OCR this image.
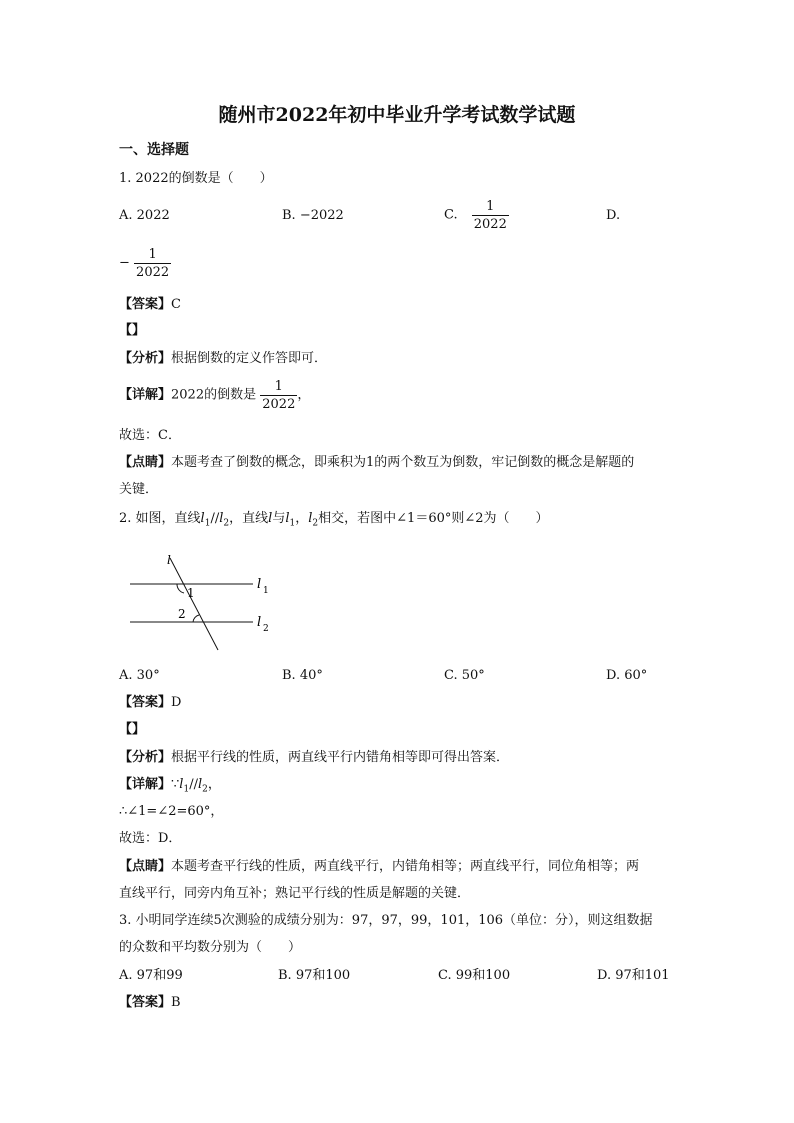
随州市2022年初中毕业升学考试数学试题
一、选择题
1. 2022的倒数是（　　）
A. 2022	B. −2022	C. $\frac{1}{2022}$	D.
− $\frac{1}{2022}$
【答案】C
【】
【分析】根据倒数的定义作答即可．
【详解】2022的倒数是 $\frac{1}{2022}$ ，
故选：C．
【点睛】本题考查了倒数的概念，即乘积为1的两个数互为倒数，牢记倒数的概念是解题的
关键．
2. 如图，直线$l_1//l_2$，直线l与$l_1$，$l_2$相交，若图中∠1＝60°则∠2为（　　）
l
1
2
l 1
l 2
A. 30°	B. 40°	C. 50°	D. 60°
【答案】D
【】
【分析】根据平行线的性质，两直线平行内错角相等即可得出答案．
【详解】$\because l_1//l_2$，
∴∠1=∠2=60°，
故选：D．
【点睛】本题考查平行线的性质，两直线平行，内错角相等；两直线平行，同位角相等；两
直线平行，同旁内角互补；熟记平行线的性质是解题的关键．
3. 小明同学连续5次测验的成绩分别为：97，97，99，101，106（单位：分），则这组数据
的众数和平均数分别为（　　）
A. 97和99	B. 97和100	C. 99和100	D. 97和101
【答案】B
